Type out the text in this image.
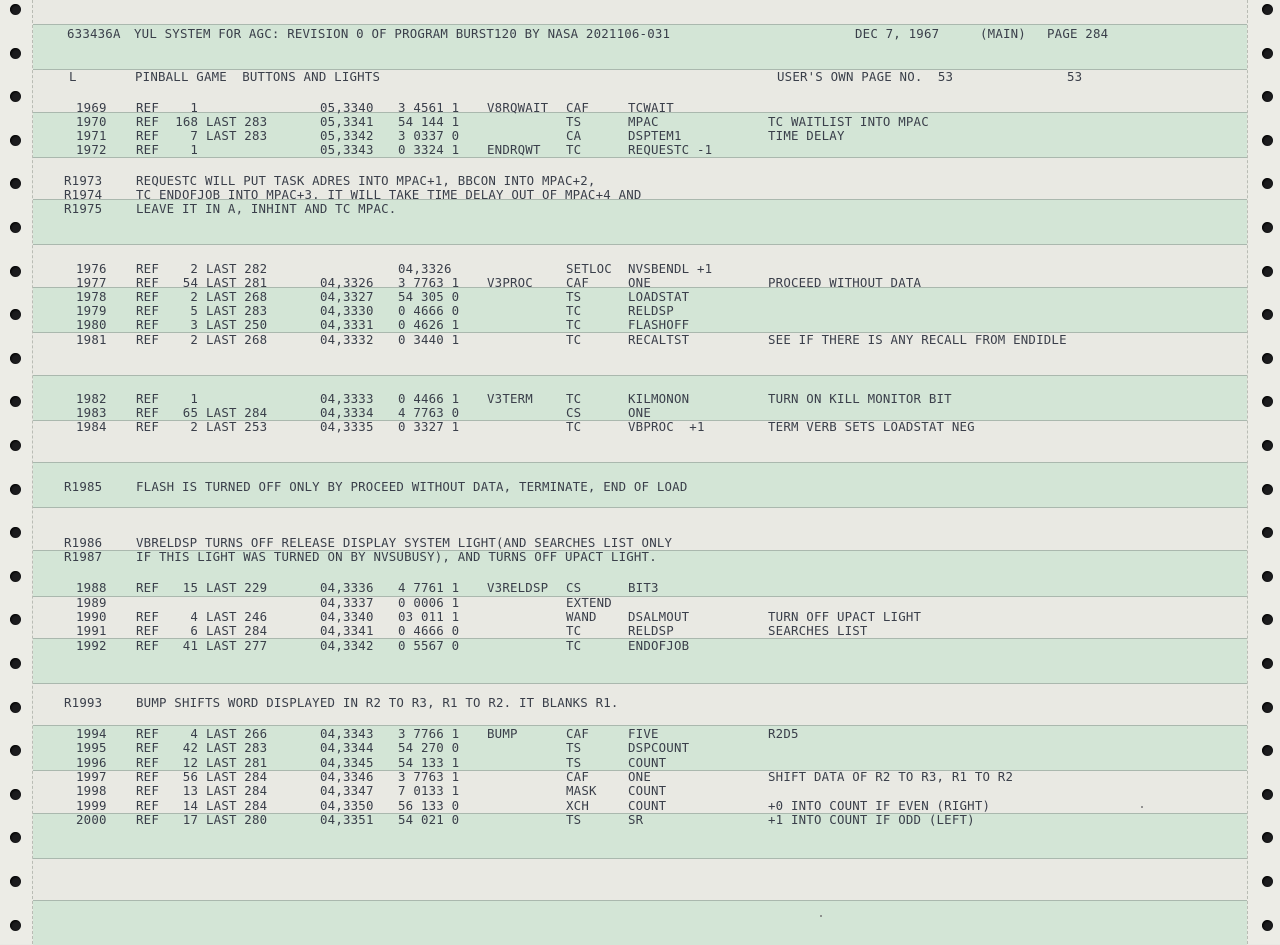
633436A

YUL SYSTEM FOR AGC: REVISION 0 OF PROGRAM BURST120 BY NASA 2021106-031

	DEC 7, 1967

	(MAIN)

PAGE 284

L

	PINBALL GAME  BUTTONS AND LIGHTS

	USER'S OWN PAGE NO.  53

	53

1969 REF	1	05,3340 3 4561 1 V8RQWAIT CAF	TCWAIT
1970 REF 168 LAST 283	05,3341 54 144 1	TS	MPAC	TC WAITLIST INTO MPAC
1971 REF	7 LAST 283	05,3342 3 0337 0	CA	DSPTEM1	TIME DELAY
1972 REF	1	05,3343 0 3324 1 ENDRQWT TC	REQUESTC -1
R1973	REQUESTC WILL PUT TASK ADRES INTO MPAC+1, BBCON INTO MPAC+2,
R1974	TC ENDOFJOB INTO MPAC+3. IT WILL TAKE TIME DELAY OUT OF MPAC+4 AND
R1975	LEAVE IT IN A, INHINT AND TC MPAC.
1976 REF	2 LAST 282	04,3326	SETLOC NVSBENDL +1
1977 REF 54 LAST 281	04,3326 3 7763 1 V3PROC	CAF	ONE	PROCEED WITHOUT DATA
1978 REF	2 LAST 268	04,3327 54 305 0	TS	LOADSTAT
1979 REF	5 LAST 283	04,3330 0 4666 0	TC	RELDSP
1980 REF	3 LAST 250	04,3331 0 4626 1	TC	FLASHOFF
1981 REF	2 LAST 268	04,3332 0 3440 1	TC	RECALTST	SEE IF THERE IS ANY RECALL FROM ENDIDLE
1982 REF	1	04,3333 0 4466 1 V3TERM	TC	KILMONON	TURN ON KILL MONITOR BIT
1983 REF 65 LAST 284	04,3334 4 7763 0	CS	ONE
1984 REF	2 LAST 253	04,3335 0 3327 1	TC	VBPROC  +1	TERM VERB SETS LOADSTAT NEG
R1985	FLASH IS TURNED OFF ONLY BY PROCEED WITHOUT DATA, TERMINATE, END OF LOAD
R1986	VBRELDSP TURNS OFF RELEASE DISPLAY SYSTEM LIGHT(AND SEARCHES LIST ONLY
R1987	IF THIS LIGHT WAS TURNED ON BY NVSUBUSY), AND TURNS OFF UPACT LIGHT.
1988 REF 15 LAST 229	04,3336 4 7761 1 V3RELDSP CS	BIT3
1989	04,3337 0 0006 1	EXTEND
1990 REF	4 LAST 246	04,3340 03 011 1	WAND	DSALMOUT	TURN OFF UPACT LIGHT
1991 REF	6 LAST 284	04,3341 0 4666 0	TC	RELDSP	SEARCHES LIST
1992 REF 41 LAST 277	04,3342 0 5567 0	TC	ENDOFJOB
R1993	BUMP SHIFTS WORD DISPLAYED IN R2 TO R3, R1 TO R2. IT BLANKS R1.
1994 REF	4 LAST 266	04,3343 3 7766 1 BUMP	CAF	FIVE	R2D5
1995 REF 42 LAST 283	04,3344 54 270 0	TS	DSPCOUNT
1996 REF 12 LAST 281	04,3345 54 133 1	TS	COUNT
1997 REF 56 LAST 284	04,3346 3 7763 1	CAF	ONE	SHIFT DATA OF R2 TO R3, R1 TO R2
1998 REF 13 LAST 284	04,3347 7 0133 1	MASK	COUNT
1999 REF 14 LAST 284	04,3350 56 133 0	XCH	COUNT	+0 INTO COUNT IF EVEN (RIGHT)
2000 REF 17 LAST 280	04,3351 54 021 0	TS	SR	+1 INTO COUNT IF ODD (LEFT)
